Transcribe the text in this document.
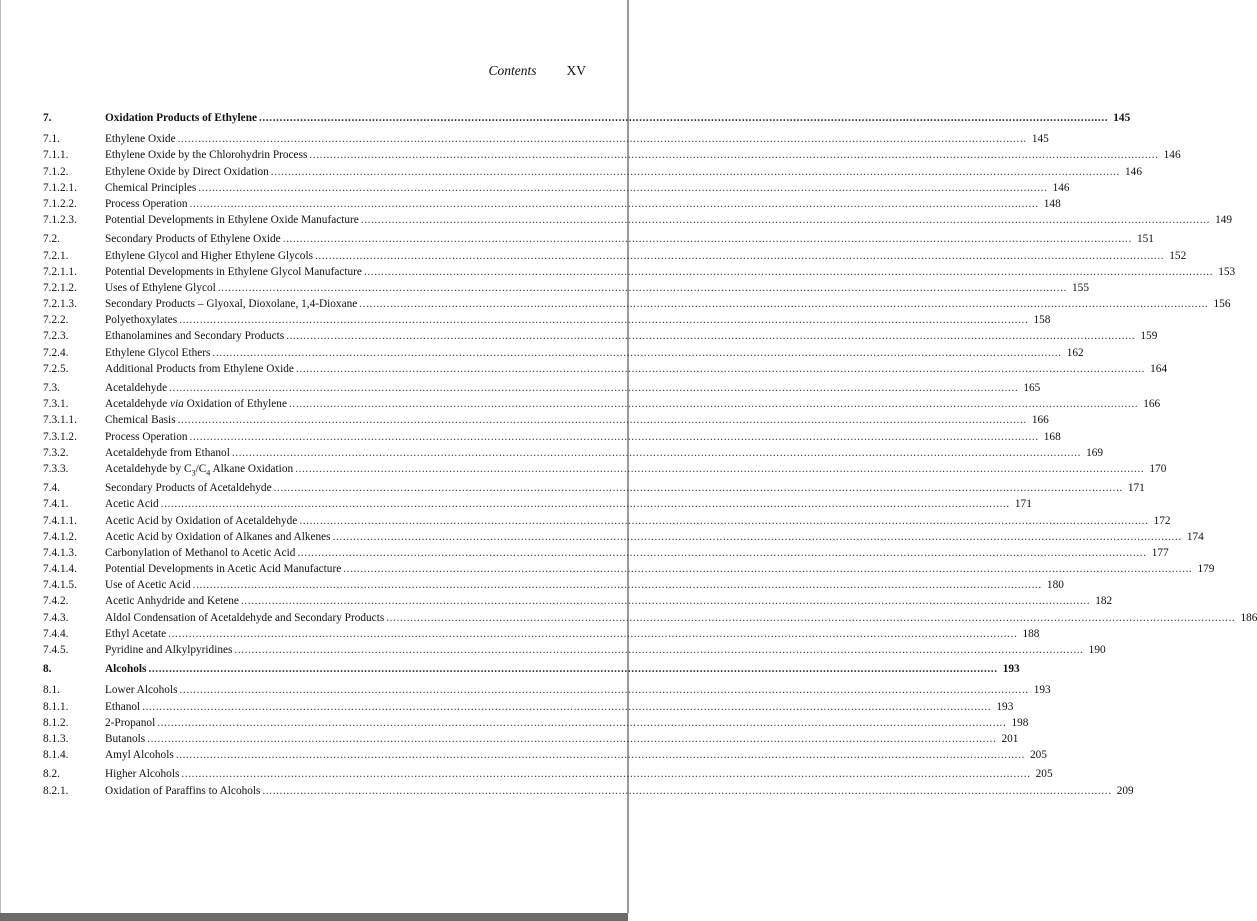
Contents XV
7.	Oxidation Products of Ethylene .....	145
7.1.	Ethylene Oxide .....	145
7.1.1.	Ethylene Oxide by the Chlorohydrin Process .....	146
7.1.2.	Ethylene Oxide by Direct Oxidation .....	146
7.1.2.1.	Chemical Principles .....	146
7.1.2.2.	Process Operation .....	148
7.1.2.3.	Potential Developments in Ethylene Oxide Manufacture .....	149
7.2.	Secondary Products of Ethylene Oxide .....	151
7.2.1.	Ethylene Glycol and Higher Ethylene Glycols .....	152
7.2.1.1.	Potential Developments in Ethylene Glycol Manufacture .....	153
7.2.1.2.	Uses of Ethylene Glycol .....	155
7.2.1.3.	Secondary Products – Glyoxal, Dioxolane, 1,4-Dioxane .....	156
7.2.2.	Polyethoxylates .....	158
7.2.3.	Ethanolamines and Secondary Products .....	159
7.2.4.	Ethylene Glycol Ethers .....	162
7.2.5.	Additional Products from Ethylene Oxide .....	164
7.3.	Acetaldehyde .....	165
7.3.1.	Acetaldehyde via Oxidation of Ethylene .....	166
7.3.1.1.	Chemical Basis .....	166
7.3.1.2.	Process Operation .....	168
7.3.2.	Acetaldehyde from Ethanol .....	169
7.3.3.	Acetaldehyde by $C_3/C_4$ Alkane Oxidation .....	170
7.4.	Secondary Products of Acetaldehyde .....	171
7.4.1.	Acetic Acid .....	171
7.4.1.1.	Acetic Acid by Oxidation of Acetaldehyde .....	172
7.4.1.2.	Acetic Acid by Oxidation of Alkanes and Alkenes .....	174
7.4.1.3.	Carbonylation of Methanol to Acetic Acid .....	177
7.4.1.4.	Potential Developments in Acetic Acid Manufacture .....	179
7.4.1.5.	Use of Acetic Acid .....	180
7.4.2.	Acetic Anhydride and Ketene .....	182
7.4.3.	Aldol Condensation of Acetaldehyde and Secondary Products .....	186
7.4.4.	Ethyl Acetate .....	188
7.4.5.	Pyridine and Alkylpyridines .....	190
8.	Alcohols .....	193
8.1.	Lower Alcohols .....	193
8.1.1.	Ethanol .....	193
8.1.2.	2-Propanol .....	198
8.1.3.	Butanols .....	201
8.1.4.	Amyl Alcohols .....	205
8.2.	Higher Alcohols .....	205
8.2.1.	Oxidation of Paraffins to Alcohols .....	209
